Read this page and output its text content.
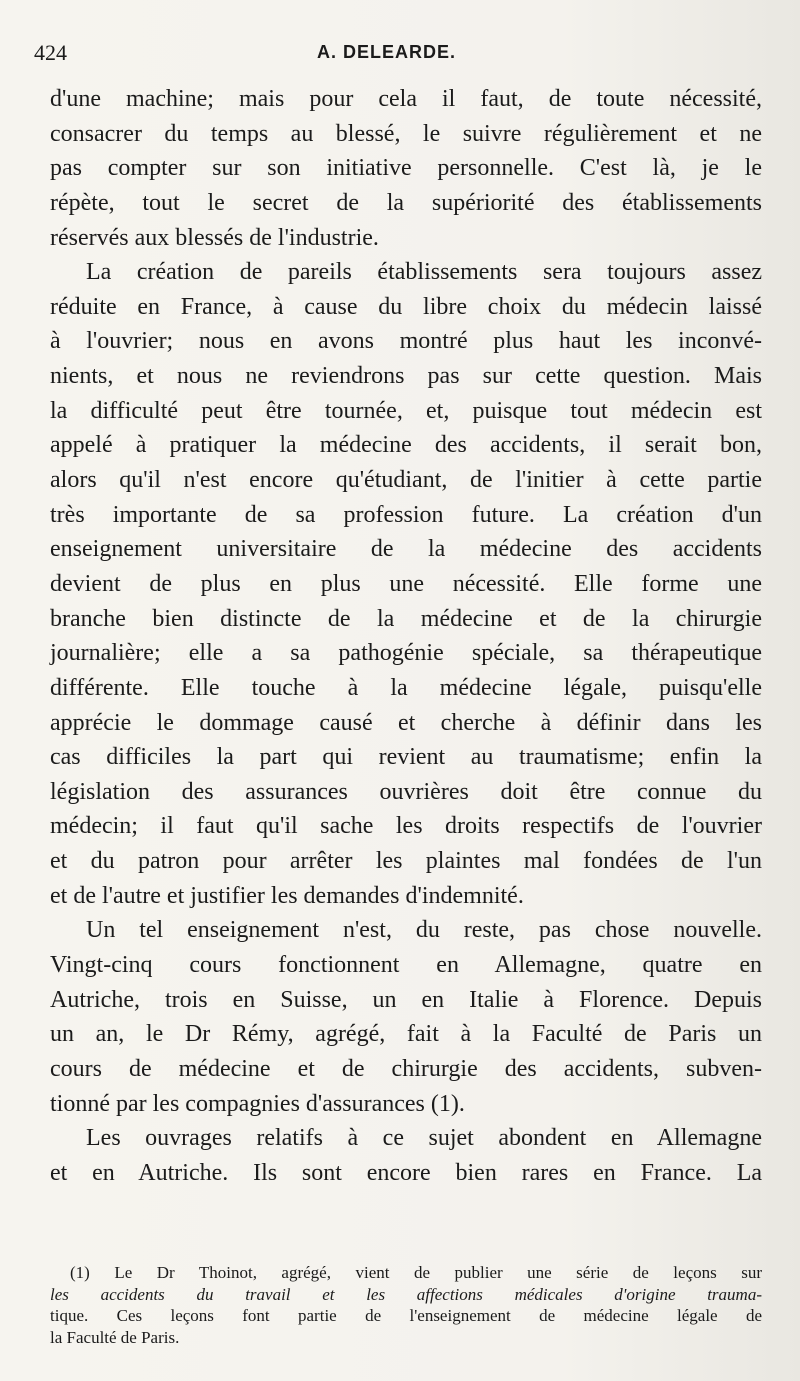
424	A. DELEARDE.
d'une machine; mais pour cela il faut, de toute nécessité,
consacrer du temps au blessé, le suivre régulièrement et ne
pas compter sur son initiative personnelle. C'est là, je le
répète, tout le secret de la supériorité des établissements
réservés aux blessés de l'industrie.
La création de pareils établissements sera toujours assez
réduite en France, à cause du libre choix du médecin laissé
à l'ouvrier; nous en avons montré plus haut les inconvé-
nients, et nous ne reviendrons pas sur cette question. Mais
la difficulté peut être tournée, et, puisque tout médecin est
appelé à pratiquer la médecine des accidents, il serait bon,
alors qu'il n'est encore qu'étudiant, de l'initier à cette partie
très importante de sa profession future. La création d'un
enseignement universitaire de la médecine des accidents
devient de plus en plus une nécessité. Elle forme une
branche bien distincte de la médecine et de la chirurgie
journalière; elle a sa pathogénie spéciale, sa thérapeutique
différente. Elle touche à la médecine légale, puisqu'elle
apprécie le dommage causé et cherche à définir dans les
cas difficiles la part qui revient au traumatisme; enfin la
législation des assurances ouvrières doit être connue du
médecin; il faut qu'il sache les droits respectifs de l'ouvrier
et du patron pour arrêter les plaintes mal fondées de l'un
et de l'autre et justifier les demandes d'indemnité.
Un tel enseignement n'est, du reste, pas chose nouvelle.
Vingt-cinq cours fonctionnent en Allemagne, quatre en
Autriche, trois en Suisse, un en Italie à Florence. Depuis
un an, le Dr Rémy, agrégé, fait à la Faculté de Paris un
cours de médecine et de chirurgie des accidents, subven-
tionné par les compagnies d'assurances (1).
Les ouvrages relatifs à ce sujet abondent en Allemagne
et en Autriche. Ils sont encore bien rares en France. La
(1) Le Dr Thoinot, agrégé, vient de publier une série de leçons sur
les accidents du travail et les affections médicales d'origine trauma-
tique. Ces leçons font partie de l'enseignement de médecine légale de
la Faculté de Paris.
